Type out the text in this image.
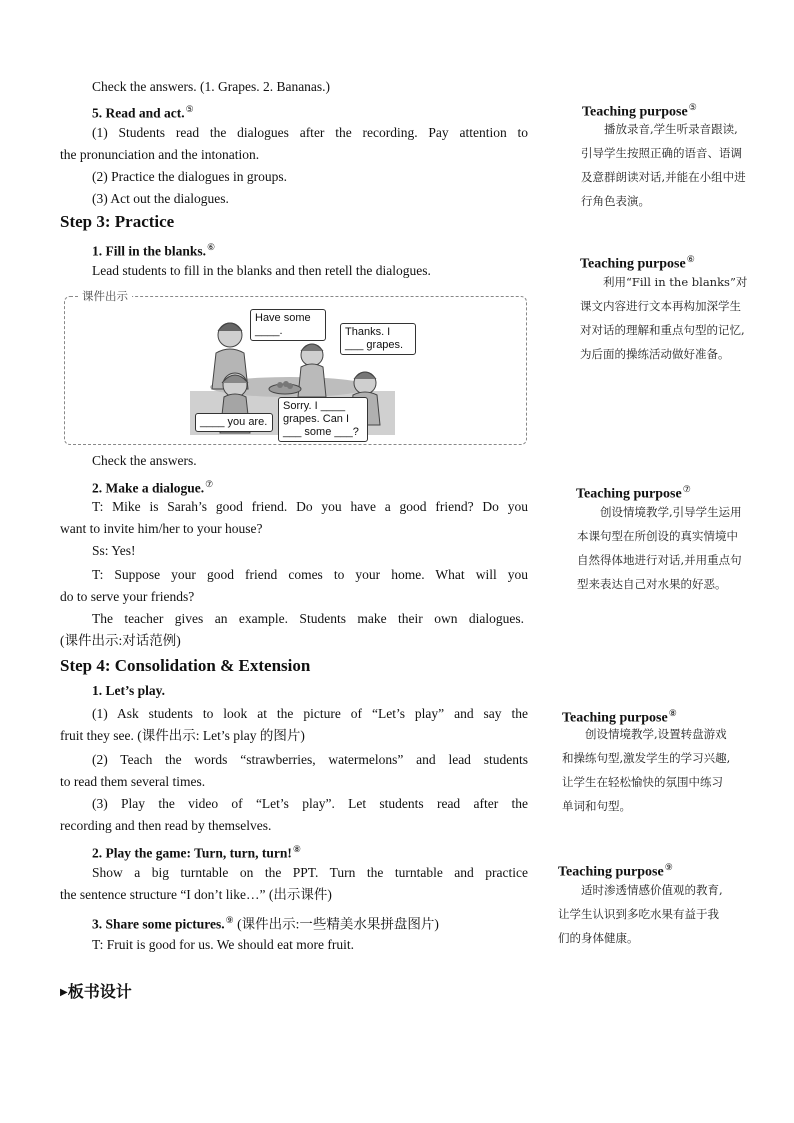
Check the answers. (1. Grapes. 2. Bananas.)
5. Read and act.⑤
(1) Students read the dialogues after the recording. Pay attention to
the pronunciation and the intonation.
(2) Practice the dialogues in groups.
(3) Act out the dialogues.
Step 3: Practice
1. Fill in the blanks.⑥
Lead students to fill in the blanks and then retell the dialogues.
课件出示
Have some
____.	Thanks. I
___ grapes.
____ you are.
Sorry. I ____
grapes. Can I
___ some ___?
Check the answers.
2. Make a dialogue.⑦
T: Mike is Sarah’s good friend. Do you have a good friend? Do you
want to invite him/her to your house?
Ss: Yes!
T: Suppose your good friend comes to your home. What will you
do to serve your friends?
The teacher gives an example. Students make their own dialogues.
(课件出示:对话范例)
Step 4: Consolidation & Extension
1. Let’s play.
(1) Ask students to look at the picture of “Let’s play” and say the
fruit they see. (课件出示: Let’s play 的图片)
(2) Teach the words “strawberries, watermelons” and lead students
to read them several times.
(3) Play the video of “Let’s play”. Let students read after the
recording and then read by themselves.
2. Play the game: Turn, turn, turn!⑧
Show a big turntable on the PPT. Turn the turntable and practice
the sentence structure “I don’t like…” (出示课件)
3. Share some pictures.⑨ (课件出示:一些精美水果拼盘图片)
T: Fruit is good for us. We should eat more fruit.
▶板书设计
Teaching purpose⑤
播放录音,学生听录音跟读,引导学生按照正确的语音、语调及意群朗读对话,并能在小组中进行角色表演。
Teaching purpose⑥
利用“Fill in the blanks”对课文内容进行文本再构加深学生对对话的理解和重点句型的记忆,为后面的操练活动做好准备。
Teaching purpose⑦
创设情境教学,引导学生运用本课句型在所创设的真实情境中自然得体地进行对话,并用重点句型来表达自己对水果的好恶。
Teaching purpose⑧
创设情境教学,设置转盘游戏和操练句型,激发学生的学习兴趣,让学生在轻松愉快的氛围中练习单词和句型。
Teaching purpose⑨
适时渗透情感价值观的教育,让学生认识到多吃水果有益于我们的身体健康。
